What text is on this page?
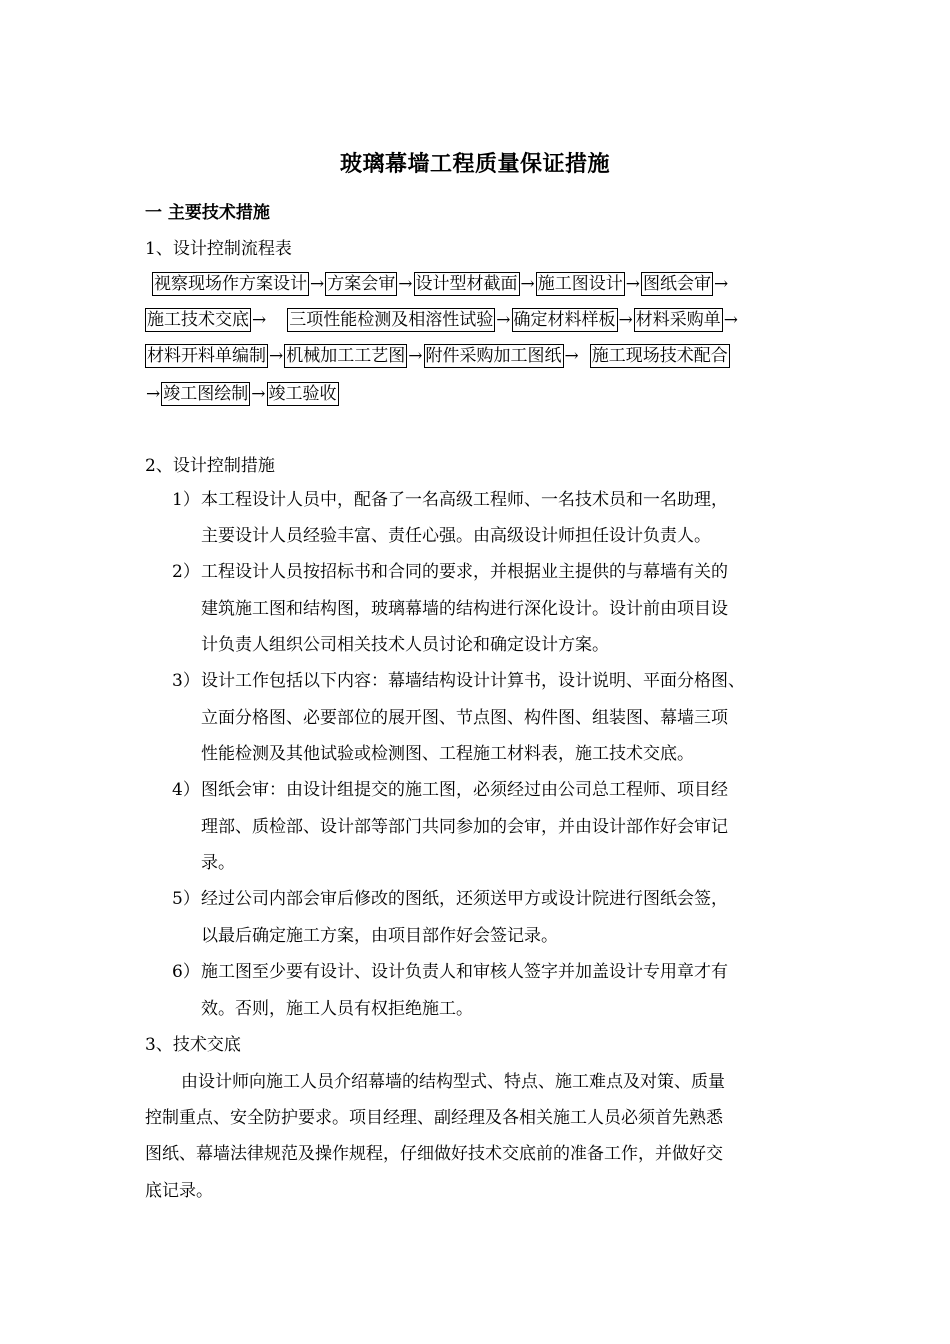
玻璃幕墙工程质量保证措施
一 主要技术措施
1、设计控制流程表
视察现场作方案设计 → 方案会审 → 设计型材截面 → 施工图设计 → 图纸会审 →
施工技术交底 → 三项性能检测及相溶性试验 → 确定材料样板 → 材料采购单 →
材料开料单编制 → 机械加工工艺图 → 附件采购加工图纸 → 施工现场技术配合
→ 竣工图绘制 → 竣工验收
2、设计控制措施
1） 本工程设计人员中，配备了一名高级工程师、一名技术员和一名助理，
主要设计人员经验丰富、责任心强。由高级设计师担任设计负责人。
2） 工程设计人员按招标书和合同的要求，并根据业主提供的与幕墙有关的
建筑施工图和结构图，玻璃幕墙的结构进行深化设计。设计前由项目设
计负责人组织公司相关技术人员讨论和确定设计方案。
3） 设计工作包括以下内容：幕墙结构设计计算书，设计说明、平面分格图、
立面分格图、必要部位的展开图、节点图、构件图、组装图、幕墙三项
性能检测及其他试验或检测图、工程施工材料表，施工技术交底。
4） 图纸会审：由设计组提交的施工图，必须经过由公司总工程师、项目经
理部、质检部、设计部等部门共同参加的会审，并由设计部作好会审记
录。
5） 经过公司内部会审后修改的图纸，还须送甲方或设计院进行图纸会签，
以最后确定施工方案，由项目部作好会签记录。
6） 施工图至少要有设计、设计负责人和审核人签字并加盖设计专用章才有
效。否则，施工人员有权拒绝施工。
3、技术交底
由设计师向施工人员介绍幕墙的结构型式、特点、施工难点及对策、质量
控制重点、安全防护要求。项目经理、副经理及各相关施工人员必须首先熟悉
图纸、幕墙法律规范及操作规程，仔细做好技术交底前的准备工作，并做好交
底记录。
